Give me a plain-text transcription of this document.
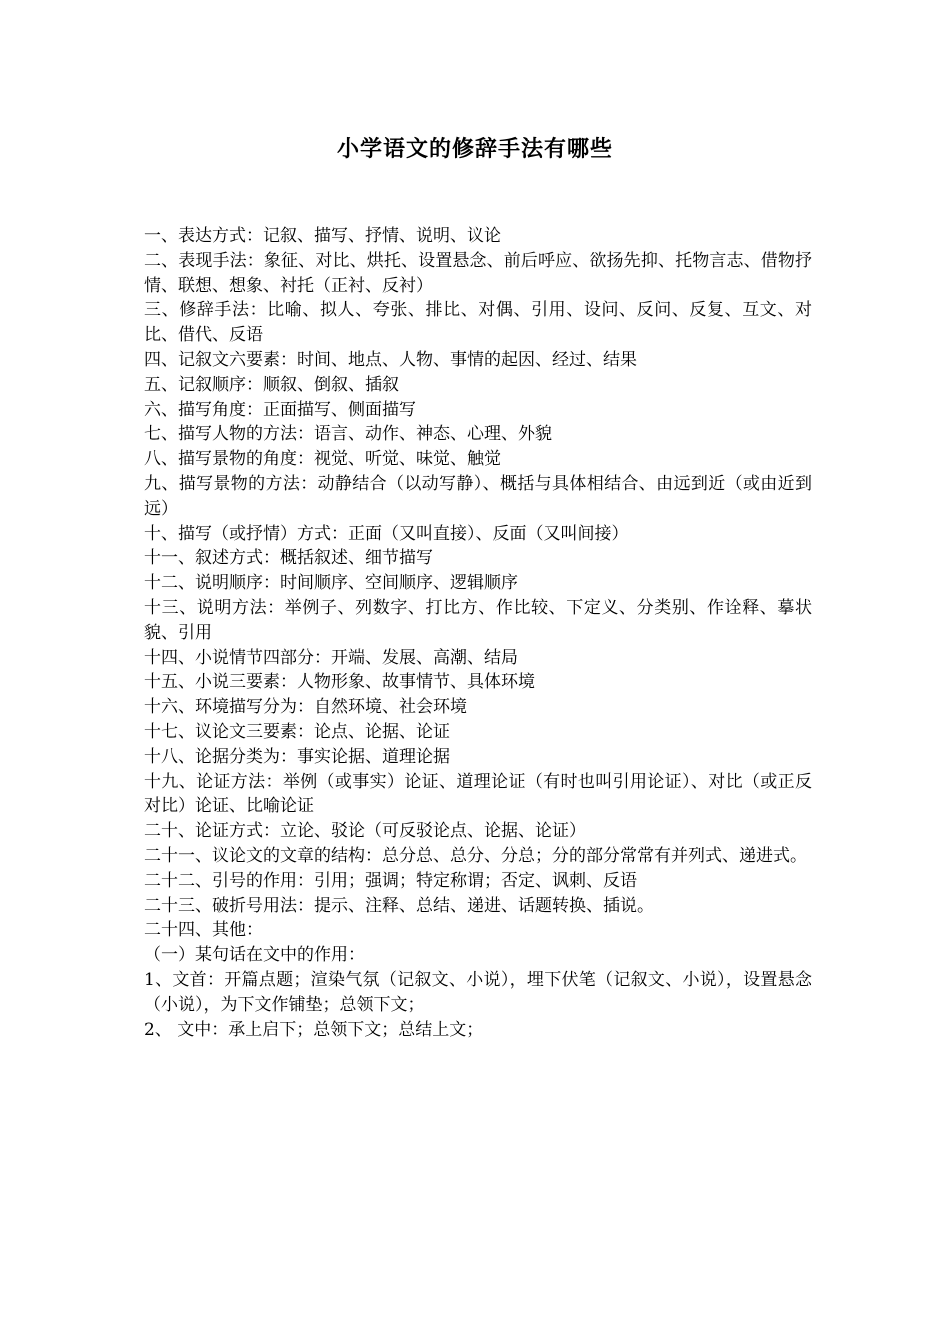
小学语文的修辞手法有哪些

一、表达方式：记叙、描写、抒情、说明、议论

二、表现手法：象征、对比、烘托、设置悬念、前后呼应、欲扬先抑、托物言志、借物抒情、联想、想象、衬托（正衬、反衬）

三、修辞手法：比喻、拟人、夸张、排比、对偶、引用、设问、反问、反复、互文、对比、借代、反语

四、记叙文六要素：时间、地点、人物、事情的起因、经过、结果

五、记叙顺序：顺叙、倒叙、插叙

六、描写角度：正面描写、侧面描写

七、描写人物的方法：语言、动作、神态、心理、外貌

八、描写景物的角度：视觉、听觉、味觉、触觉

九、描写景物的方法：动静结合（以动写静）、概括与具体相结合、由远到近（或由近到远）

十、描写（或抒情）方式：正面（又叫直接）、反面（又叫间接）

十一、叙述方式：概括叙述、细节描写

十二、说明顺序：时间顺序、空间顺序、逻辑顺序

十三、说明方法：举例子、列数字、打比方、作比较、下定义、分类别、作诠释、摹状貌、引用

十四、小说情节四部分：开端、发展、高潮、结局

十五、小说三要素：人物形象、故事情节、具体环境

十六、环境描写分为：自然环境、社会环境

十七、议论文三要素：论点、论据、论证

十八、论据分类为：事实论据、道理论据

十九、论证方法：举例（或事实）论证、道理论证（有时也叫引用论证）、对比（或正反对比）论证、比喻论证

二十、论证方式：立论、驳论（可反驳论点、论据、论证）

二十一、议论文的文章的结构：总分总、总分、分总；分的部分常常有并列式、递进式。

二十二、引号的作用：引用；强调；特定称谓；否定、讽刺、反语

二十三、破折号用法：提示、注释、总结、递进、话题转换、插说。

二十四、其他：

（一）某句话在文中的作用：

1、文首：开篇点题；渲染气氛（记叙文、小说），埋下伏笔（记叙文、小说），设置悬念（小说），为下文作铺垫；总领下文；

2、 文中：承上启下；总领下文；总结上文；
